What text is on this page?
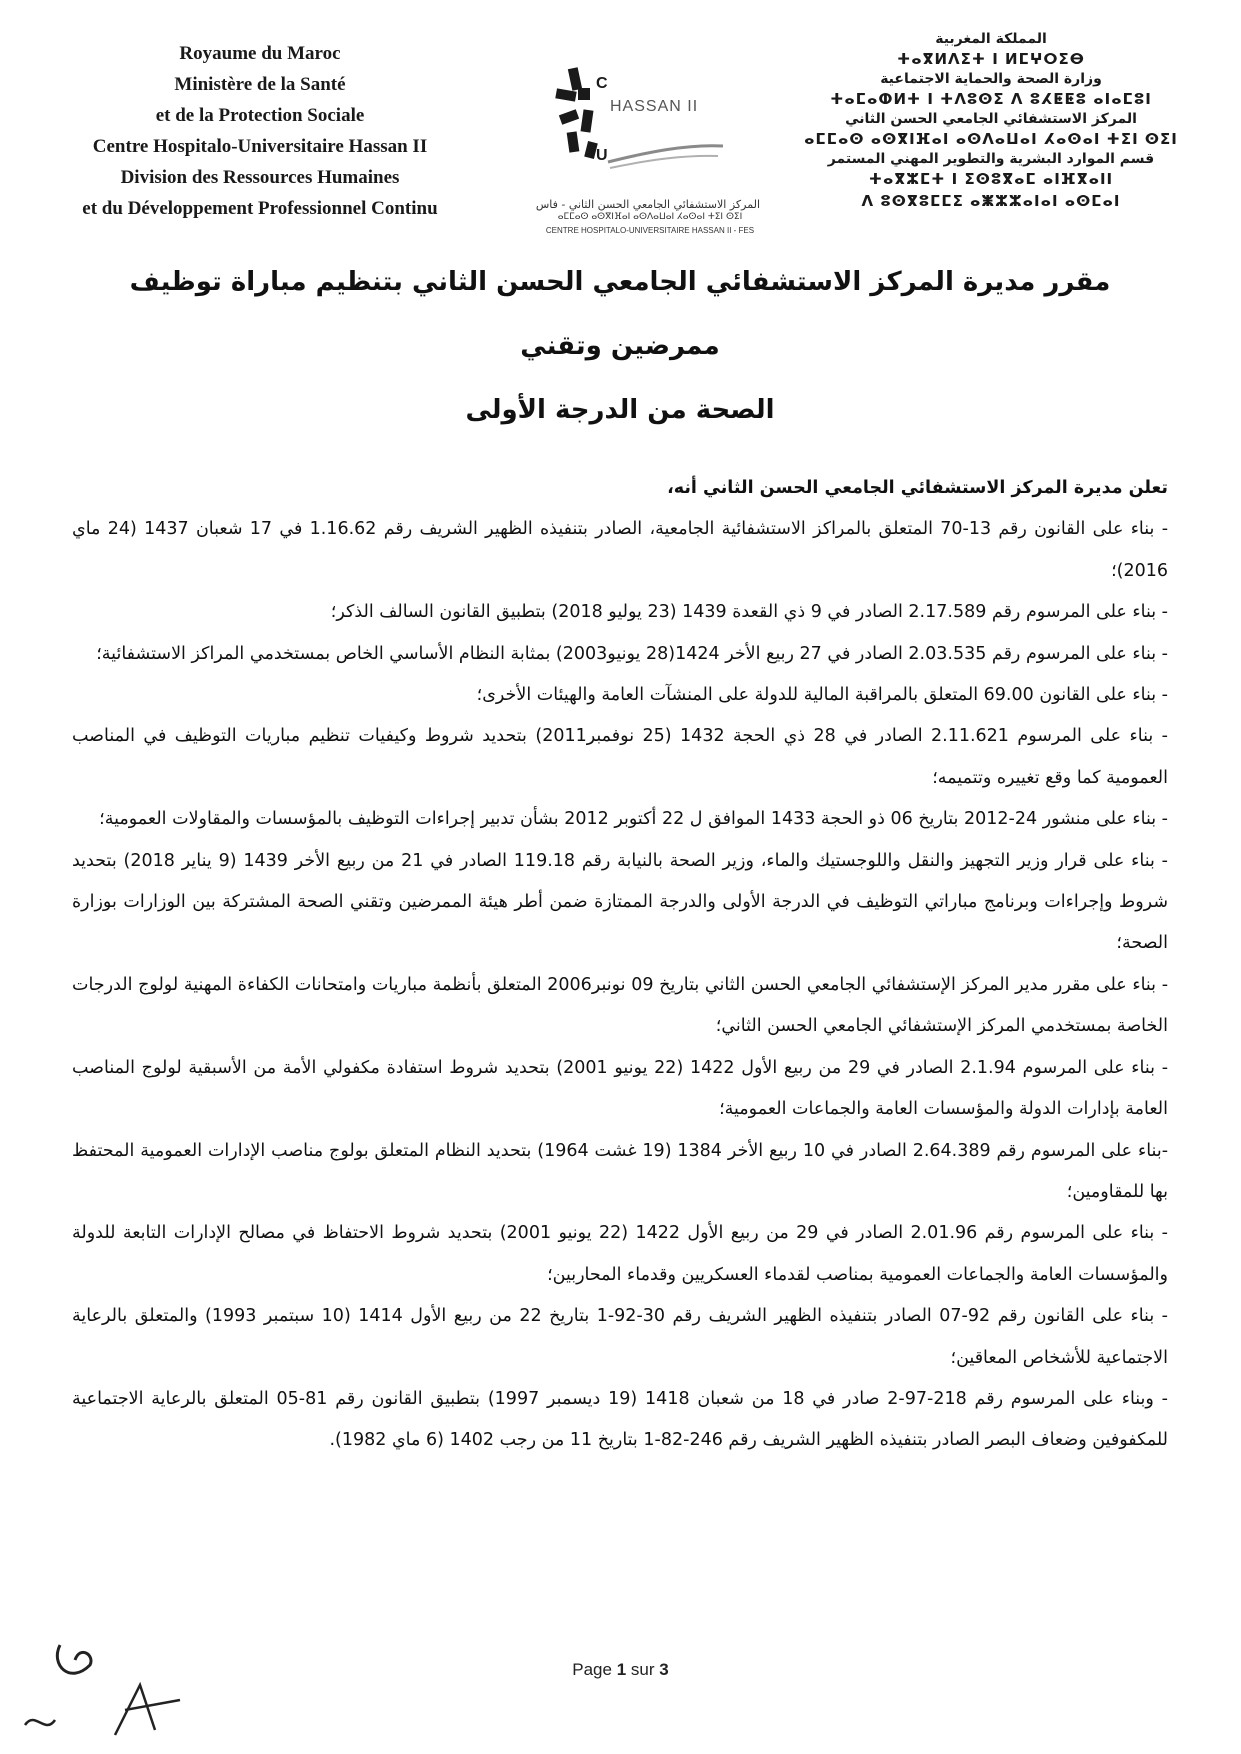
Royaume du Maroc
Ministère de la Santé
et de la Protection Sociale
Centre Hospitalo-Universitaire Hassan II
Division des Ressources Humaines
et du Développement Professionnel Continu
C
U
HASSAN II
المركز الاستشفائي الجامعي الحسن الثاني - فاس
ⴰⵎⵎⴰⵙ ⴰⵙⴳⵏⴼⴰⵏ ⴰⵙⴷⴰⵡⴰⵏ ⵃⴰⵙⴰⵏ ⵜⵉⵏ ⵙⵉⵏ
CENTRE HOSPITALO-UNIVERSITAIRE HASSAN II - FES
المملكة المغربية
ⵜⴰⴳⵍⴷⵉⵜ ⵏ ⵍⵎⵖⵔⵉⴱ
وزارة الصحة والحماية الاجتماعية
ⵜⴰⵎⴰⵀⵍⵜ ⵏ ⵜⴷⵓⵙⵉ ⴷ ⵓⵃⵟⵟⵓ ⴰⵏⴰⵎⵓⵏ
المركز الاستشفائي الجامعي الحسن الثاني
ⴰⵎⵎⴰⵙ ⴰⵙⴳⵏⴼⴰⵏ ⴰⵙⴷⴰⵡⴰⵏ ⵃⴰⵙⴰⵏ ⵜⵉⵏ ⵙⵉⵏ
قسم الموارد البشرية والتطوير المهني المستمر
ⵜⴰⴳⵣⵎⵜ ⵏ ⵉⵙⵓⴳⴰⵎ ⴰⵏⴼⴳⴰⵏⵏ
ⴷ ⵓⵙⴳⵓⵎⵎⵉ ⴰⵥⵣⵣⴰⵏⴰⵏ ⴰⵙⵎⴰⵏ
مقرر مديرة المركز الاستشفائي الجامعي الحسن الثاني بتنظيم مباراة توظيف ممرضين وتقني
الصحة من الدرجة الأولى

تعلن مديرة المركز الاستشفائي الجامعي الحسن الثاني أنه،

- بناء على القانون رقم 13-70 المتعلق بالمراكز الاستشفائية الجامعية، الصادر بتنفيذه الظهير الشريف رقم 1.16.62 في 17 شعبان 1437 (24 ماي 2016)؛

- بناء على المرسوم رقم 2.17.589 الصادر في 9 ذي القعدة 1439 (23 يوليو 2018) بتطبيق القانون السالف الذكر؛

- بناء على المرسوم رقم 2.03.535 الصادر في 27 ربيع الأخر 1424(28 يونيو2003) بمثابة النظام الأساسي الخاص بمستخدمي المراكز الاستشفائية؛

- بناء على القانون 69.00 المتعلق بالمراقبة المالية للدولة على المنشآت العامة والهيئات الأخرى؛

- بناء على المرسوم 2.11.621 الصادر في 28 ذي الحجة 1432 (25 نوفمبر2011) بتحديد شروط وكيفيات تنظيم مباريات التوظيف في المناصب العمومية كما وقع تغييره وتتميمه؛

- بناء على منشور 24-2012 بتاريخ 06 ذو الحجة 1433 الموافق ل 22 أكتوبر 2012 بشأن تدبير إجراءات التوظيف بالمؤسسات والمقاولات العمومية؛

- بناء على قرار وزير التجهيز والنقل واللوجستيك والماء، وزير الصحة بالنيابة رقم 119.18 الصادر في 21 من ربيع الأخر 1439 (9 يناير 2018) بتحديد شروط وإجراءات وبرنامج مباراتي التوظيف في الدرجة الأولى والدرجة الممتازة ضمن أطر هيئة الممرضين وتقني الصحة المشتركة بين الوزارات بوزارة الصحة؛

- بناء على مقرر مدير المركز الإستشفائي الجامعي الحسن الثاني بتاريخ 09 نونبر2006 المتعلق بأنظمة مباريات وامتحانات الكفاءة المهنية لولوج الدرجات الخاصة بمستخدمي المركز الإستشفائي الجامعي الحسن الثاني؛

- بناء على المرسوم 2.1.94 الصادر في 29 من ربيع الأول 1422 (22 يونيو 2001) بتحديد شروط استفادة مكفولي الأمة من الأسبقية لولوج المناصب العامة بإدارات الدولة والمؤسسات العامة والجماعات العمومية؛

-بناء على المرسوم رقم 2.64.389 الصادر في 10 ربيع الأخر 1384 (19 غشت 1964) بتحديد النظام المتعلق بولوج مناصب الإدارات العمومية المحتفظ بها للمقاومين؛

- بناء على المرسوم رقم 2.01.96 الصادر في 29 من ربيع الأول 1422 (22 يونيو 2001) بتحديد شروط الاحتفاظ في مصالح الإدارات التابعة للدولة والمؤسسات العامة والجماعات العمومية بمناصب لقدماء العسكريين وقدماء المحاربين؛

- بناء على القانون رقم 92-07 الصادر بتنفيذه الظهير الشريف رقم 30-92-1 بتاريخ 22 من ربيع الأول 1414 (10 سبتمبر 1993) والمتعلق بالرعاية الاجتماعية للأشخاص المعاقين؛

- وبناء على المرسوم رقم 218-97-2 صادر في 18 من شعبان 1418 (19 ديسمبر 1997) بتطبيق القانون رقم 81-05 المتعلق بالرعاية الاجتماعية للمكفوفين وضعاف البصر الصادر بتنفيذه الظهير الشريف رقم 246-82-1 بتاريخ 11 من رجب 1402 (6 ماي 1982).

Page 1 sur 3
